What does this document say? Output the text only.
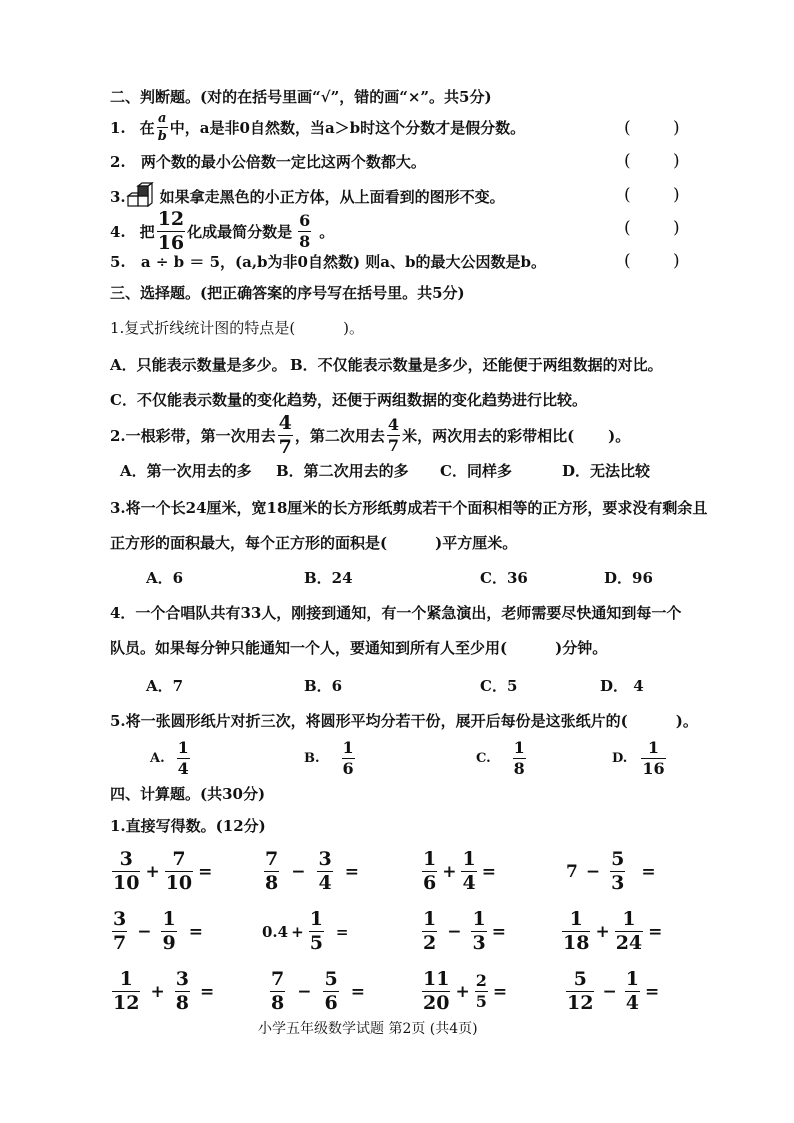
二、判断题。(对的在括号里画“√”，错的画“×”。共5分)
1. 在 $\frac{a}{b}$ 中，a是非0自然数，当a＞b时这个分数才是假分数。	( )
2. 两个数的最小公倍数一定比这两个数都大。	( )
3. 如果拿走黑色的小正方体，从上面看到的图形不变。	( )
4. 把 $\frac{12}{16}$ 化成最简分数是 $\frac{6}{8}$ 。	( )
5. a ÷ b ＝ 5，(a,b为非0自然数) 则a、b的最大公因数是b。	( )
三、选择题。(把正确答案的序号写在括号里。共5分)
1.复式折线统计图的特点是(	)。
A．只能表示数量是多少。 B．不仅能表示数量是多少，还能便于两组数据的对比。
C．不仅能表示数量的变化趋势，还便于两组数据的变化趋势进行比较。
2.一根彩带，第一次用去 $\frac{4}{7}$ ，第二次用去 $\frac{4}{7}$ 米，两次用去的彩带相比( )。
A．第一次用去的多 B．第二次用去的多 C．同样多	D．无法比较
3.将一个长24厘米，宽18厘米的长方形纸剪成若干个面积相等的正方形，要求没有剩余且
正方形的面积最大，每个正方形的面积是(	)平方厘米。
A．6	B．24	C．36	D．96
4．一个合唱队共有33人，刚接到通知，有一个紧急演出，老师需要尽快通知到每一个
队员。如果每分钟只能通知一个人，要通知到所有人至少用(	)分钟。
A．7	B．6	C．5	D． 4
5.将一张圆形纸片对折三次，将圆形平均分若干份，展开后每份是这张纸片的(	)。
A. $\frac{1}{4}$	B. $\frac{1}{6}$	C. $\frac{1}{8}$	D. $\frac{1}{16}$
四、计算题。(共30分)
1.直接写得数。(12分)
$\frac{3}{10} + \frac{7}{10}$ =	$\frac{7}{8} - \frac{3}{4}$ =	$\frac{1}{6} + \frac{1}{4}$ =	$7 - \frac{5}{3}$ =
$\frac{3}{7} - \frac{1}{9}$ =	$0.4 + \frac{1}{5}$ =	$\frac{1}{2} - \frac{1}{3}$ =	$\frac{1}{18} + \frac{1}{24}$ =
$\frac{1}{12} + \frac{3}{8}$ =	$\frac{7}{8} - \frac{5}{6}$ =	$\frac{11}{20} + \frac{2}{5}$ =	$\frac{5}{12} - \frac{1}{4}$ =
小学五年级数学试题 第2页 (共4页)
